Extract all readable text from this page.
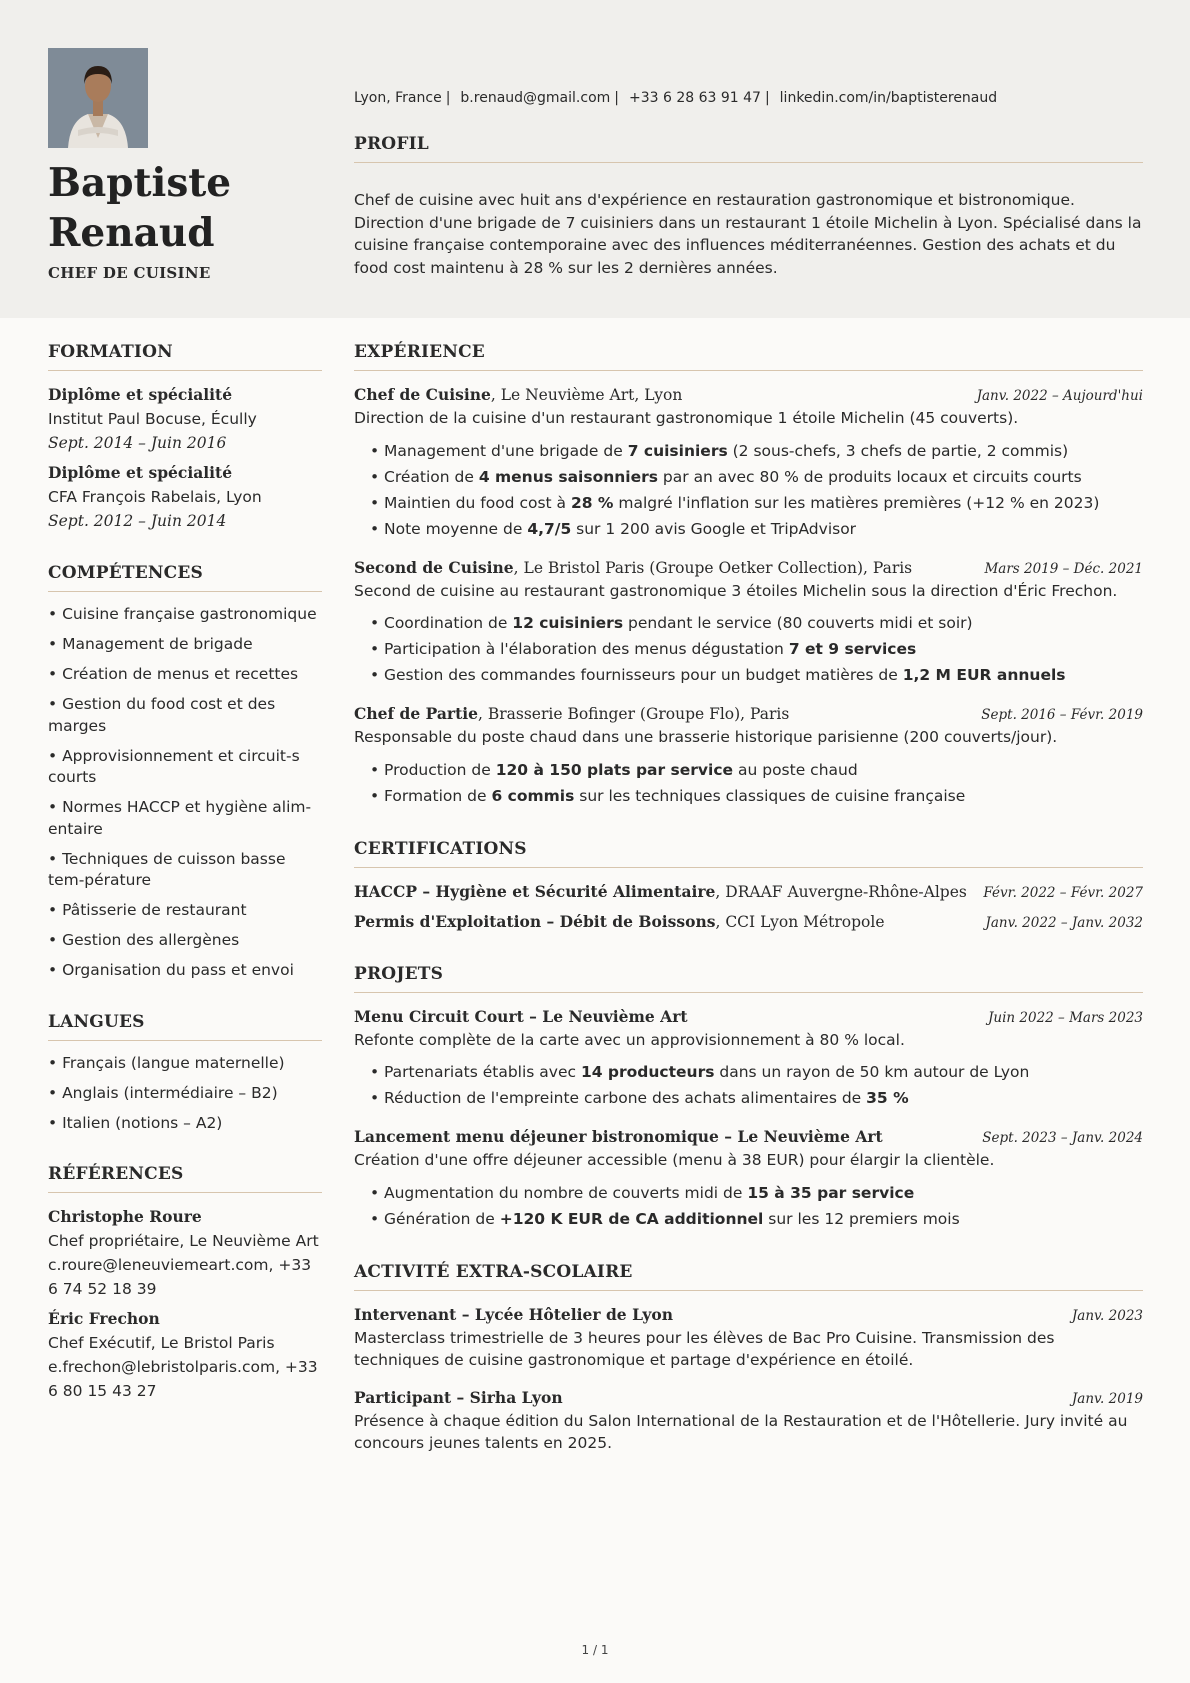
Baptiste
Renaud
CHEF DE CUISINE
Lyon, France | b.renaud@gmail.com | +33 6 28 63 91 47 | linkedin.com/in/baptisterenaud
PROFIL

Chef de cuisine avec huit ans d'expérience en restauration gastronomique et bistronomique. Direction d'une brigade de 7 cuisiniers dans un restaurant 1 étoile Michelin à Lyon. Spécialisé dans la cuisine française contemporaine avec des influences méditerranéennes. Gestion des achats et du food cost maintenu à 28 % sur les 2 dernières années.

FORMATION
Diplôme et spécialité
Institut Paul Bocuse, Écully
Sept. 2014 – Juin 2016
Diplôme et spécialité
CFA François Rabelais, Lyon
Sept. 2012 – Juin 2014
COMPÉTENCES
• Cuisine française gastronomique
• Management de brigade
• Création de menus et recettes
• Gestion du food cost et des marges
• Approvisionnement et circuit-s courts
• Normes HACCP et hygiène alim-entaire
• Techniques de cuisson basse tem-pérature
• Pâtisserie de restaurant
• Gestion des allergènes
• Organisation du pass et envoi
LANGUES
• Français (langue maternelle)
• Anglais (intermédiaire – B2)
• Italien (notions – A2)
RÉFÉRENCES
Christophe Roure
Chef propriétaire, Le Neuvième Art
c.roure@leneuviemeart.com, +33 6 74 52 18 39
Éric Frechon
Chef Exécutif, Le Bristol Paris
e.frechon@lebristolparis.com, +33 6 80 15 43 27
EXPÉRIENCE
Chef de Cuisine, Le Neuvième Art, Lyon	Janv. 2022 – Aujourd'hui
Direction de la cuisine d'un restaurant gastronomique 1 étoile Michelin (45 couverts).
• Management d'une brigade de 7 cuisiniers (2 sous-chefs, 3 chefs de partie, 2 commis)
• Création de 4 menus saisonniers par an avec 80 % de produits locaux et circuits courts
• Maintien du food cost à 28 % malgré l'inflation sur les matières premières (+12 % en 2023)
• Note moyenne de 4,7/5 sur 1 200 avis Google et TripAdvisor
Second de Cuisine, Le Bristol Paris (Groupe Oetker Collection), Paris	Mars 2019 – Déc. 2021
Second de cuisine au restaurant gastronomique 3 étoiles Michelin sous la direction d'Éric Frechon.
• Coordination de 12 cuisiniers pendant le service (80 couverts midi et soir)
• Participation à l'élaboration des menus dégustation 7 et 9 services
• Gestion des commandes fournisseurs pour un budget matières de 1,2 M EUR annuels
Chef de Partie, Brasserie Bofinger (Groupe Flo), Paris	Sept. 2016 – Févr. 2019
Responsable du poste chaud dans une brasserie historique parisienne (200 couverts/jour).
• Production de 120 à 150 plats par service au poste chaud
• Formation de 6 commis sur les techniques classiques de cuisine française
CERTIFICATIONS
HACCP – Hygiène et Sécurité Alimentaire, DRAAF Auvergne-Rhône-Alpes Févr. 2022 – Févr. 2027
Permis d'Exploitation – Débit de Boissons, CCI Lyon Métropole	Janv. 2022 – Janv. 2032
PROJETS
Menu Circuit Court – Le Neuvième Art	Juin 2022 – Mars 2023
Refonte complète de la carte avec un approvisionnement à 80 % local.
• Partenariats établis avec 14 producteurs dans un rayon de 50 km autour de Lyon
• Réduction de l'empreinte carbone des achats alimentaires de 35 %
Lancement menu déjeuner bistronomique – Le Neuvième Art	Sept. 2023 – Janv. 2024
Création d'une offre déjeuner accessible (menu à 38 EUR) pour élargir la clientèle.
• Augmentation du nombre de couverts midi de 15 à 35 par service
• Génération de +120 K EUR de CA additionnel sur les 12 premiers mois
ACTIVITÉ EXTRA-SCOLAIRE
Intervenant – Lycée Hôtelier de Lyon	Janv. 2023
Masterclass trimestrielle de 3 heures pour les élèves de Bac Pro Cuisine. Transmission des techniques de cuisine gastronomique et partage d'expérience en étoilé.
Participant – Sirha Lyon	Janv. 2019
Présence à chaque édition du Salon International de la Restauration et de l'Hôtellerie. Jury invité au concours jeunes talents en 2025.
1 / 1
